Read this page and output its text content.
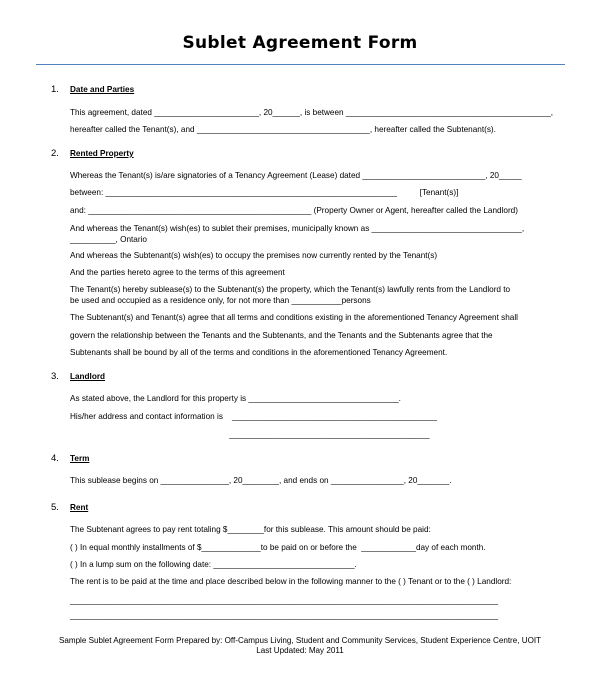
Sublet Agreement Form
1. Date and Parties
This agreement, dated _______________________, 20______, is between _____________________________________________,
hereafter called the Tenant(s), and ______________________________________, hereafter called the Subtenant(s).
2. Rented Property
Whereas the Tenant(s) is/are signatories of a Tenancy Agreement (Lease) dated ___________________________, 20_____
between: ________________________________________________________________          [Tenant(s)]
and: _________________________________________________ (Property Owner or Agent, hereafter called the Landlord)
And whereas the Tenant(s) wish(es) to sublet their premises, municipally known as _________________________________,
__________, Ontario
And whereas the Subtenant(s) wish(es) to occupy the premises now currently rented by the Tenant(s)
And the parties hereto agree to the terms of this agreement
The Tenant(s) hereby sublease(s) to the Subtenant(s) the property, which the Tenant(s) lawfully rents from the Landlord to
be used and occupied as a residence only, for not more than ___________persons
The Subtenant(s) and Tenant(s) agree that all terms and conditions existing in the aforementioned Tenancy Agreement shall
govern the relationship between the Tenants and the Subtenants, and the Tenants and the Subtenants agree that the
Subtenants shall be bound by all of the terms and conditions in the aforementioned Tenancy Agreement.
3. Landlord
As stated above, the Landlord for this property is _________________________________.
His/her address and contact information is    _____________________________________________
____________________________________________
4. Term
This sublease begins on _______________, 20________, and ends on ________________, 20_______.
5. Rent
The Subtenant agrees to pay rent totaling $________for this sublease. This amount should be paid:
( ) In equal monthly installments of $_____________to be paid on or before the  ____________day of each month.
( ) In a lump sum on the following date: _______________________________.
The rent is to be paid at the time and place described below in the following manner to the ( ) Tenant or to the ( ) Landlord:
______________________________________________________________________________________________
______________________________________________________________________________________________
Sample Sublet Agreement Form Prepared by: Off-Campus Living, Student and Community Services, Student Experience Centre, UOIT
Last Updated: May 2011
